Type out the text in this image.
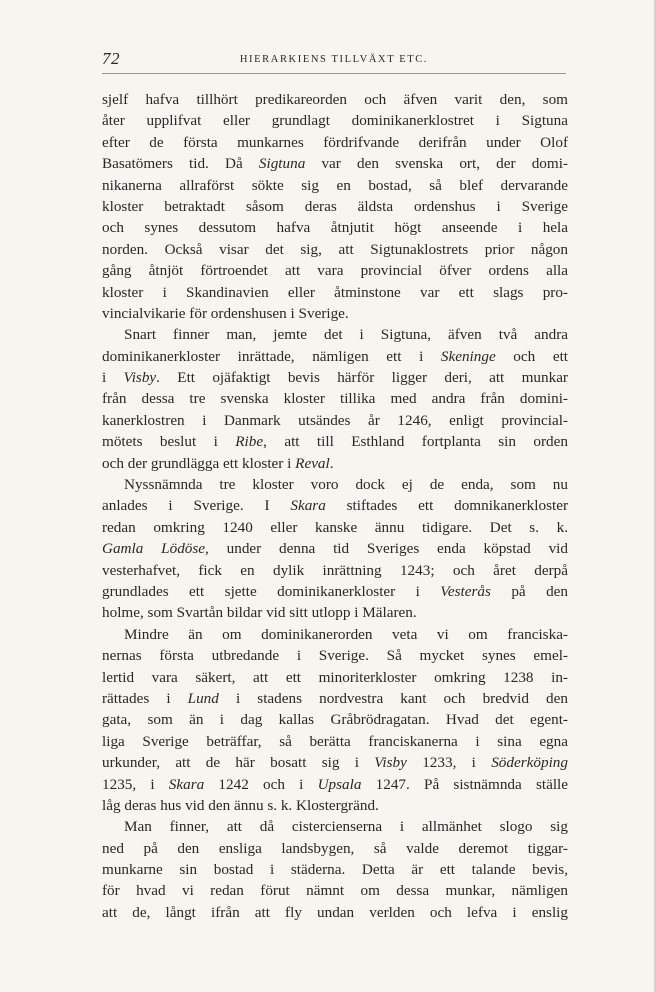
72	HIERARKIENS TILLVÄXT ETC.
sjelf hafva tillhört predikareorden och äfven varit den, som
åter upplifvat eller grundlagt dominikanerklostret i Sigtuna
efter de första munkarnes fördrifvande derifrån under Olof
Basatömers tid. Då Sigtuna var den svenska ort, der domi-
nikanerna allraförst sökte sig en bostad, så blef dervarande
kloster betraktadt såsom deras äldsta ordenshus i Sverige
och synes dessutom hafva åtnjutit högt anseende i hela
norden. Också visar det sig, att Sigtunaklostrets prior någon
gång åtnjöt förtroendet att vara provincial öfver ordens alla
kloster i Skandinavien eller åtminstone var ett slags pro-
vincialvikarie för ordenshusen i Sverige.
Snart finner man, jemte det i Sigtuna, äfven två andra
dominikanerkloster inrättade, nämligen ett i Skeninge och ett
i Visby. Ett ojäfaktigt bevis härför ligger deri, att munkar
från dessa tre svenska kloster tillika med andra från domini-
kanerklostren i Danmark utsändes år 1246, enligt provincial-
mötets beslut i Ribe, att till Esthland fortplanta sin orden
och der grundlägga ett kloster i Reval.
Nyssnämnda tre kloster voro dock ej de enda, som nu
anlades i Sverige. I Skara stiftades ett domnikanerkloster
redan omkring 1240 eller kanske ännu tidigare. Det s. k.
Gamla Lödöse, under denna tid Sveriges enda köpstad vid
vesterhafvet, fick en dylik inrättning 1243; och året derpå
grundlades ett sjette dominikanerkloster i Vesterås på den
holme, som Svartån bildar vid sitt utlopp i Mälaren.
Mindre än om dominikanerorden veta vi om franciska-
nernas första utbredande i Sverige. Så mycket synes emel-
lertid vara säkert, att ett minoriterkloster omkring 1238 in-
rättades i Lund i stadens nordvestra kant och bredvid den
gata, som än i dag kallas Gråbrödragatan. Hvad det egent-
liga Sverige beträffar, så berätta franciskanerna i sina egna
urkunder, att de här bosatt sig i Visby 1233, i Söderköping
1235, i Skara 1242 och i Upsala 1247. På sistnämnda ställe
låg deras hus vid den ännu s. k. Klostergränd.
Man finner, att då cistercienserna i allmänhet slogo sig
ned på den ensliga landsbygen, så valde deremot tiggar-
munkarne sin bostad i städerna. Detta är ett talande bevis,
för hvad vi redan förut nämnt om dessa munkar, nämligen
att de, långt ifrån att fly undan verlden och lefva i enslig
